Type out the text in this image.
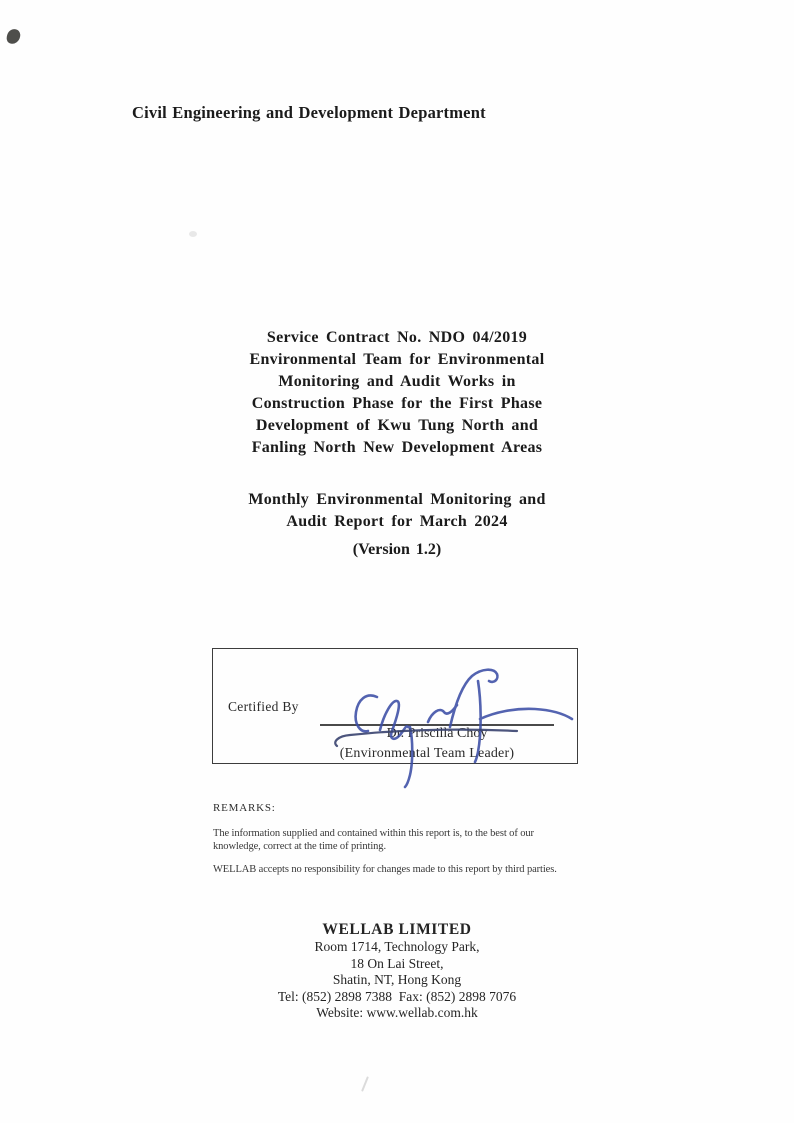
Civil Engineering and Development Department
Service Contract No. NDO 04/2019
Environmental Team for Environmental
Monitoring and Audit Works in
Construction Phase for the First Phase
Development of Kwu Tung North and
Fanling North New Development Areas
Monthly Environmental Monitoring and
Audit Report for March 2024
(Version 1.2)
Certified By
Dr. Priscilla Choy
(Environmental Team Leader)
REMARKS:
The information supplied and contained within this report is, to the best of our
knowledge, correct at the time of printing.
WELLAB accepts no responsibility for changes made to this report by third parties.
WELLAB LIMITED
Room 1714, Technology Park,
18 On Lai Street,
Shatin, NT, Hong Kong
Tel: (852) 2898 7388  Fax: (852) 2898 7076
Website: www.wellab.com.hk
